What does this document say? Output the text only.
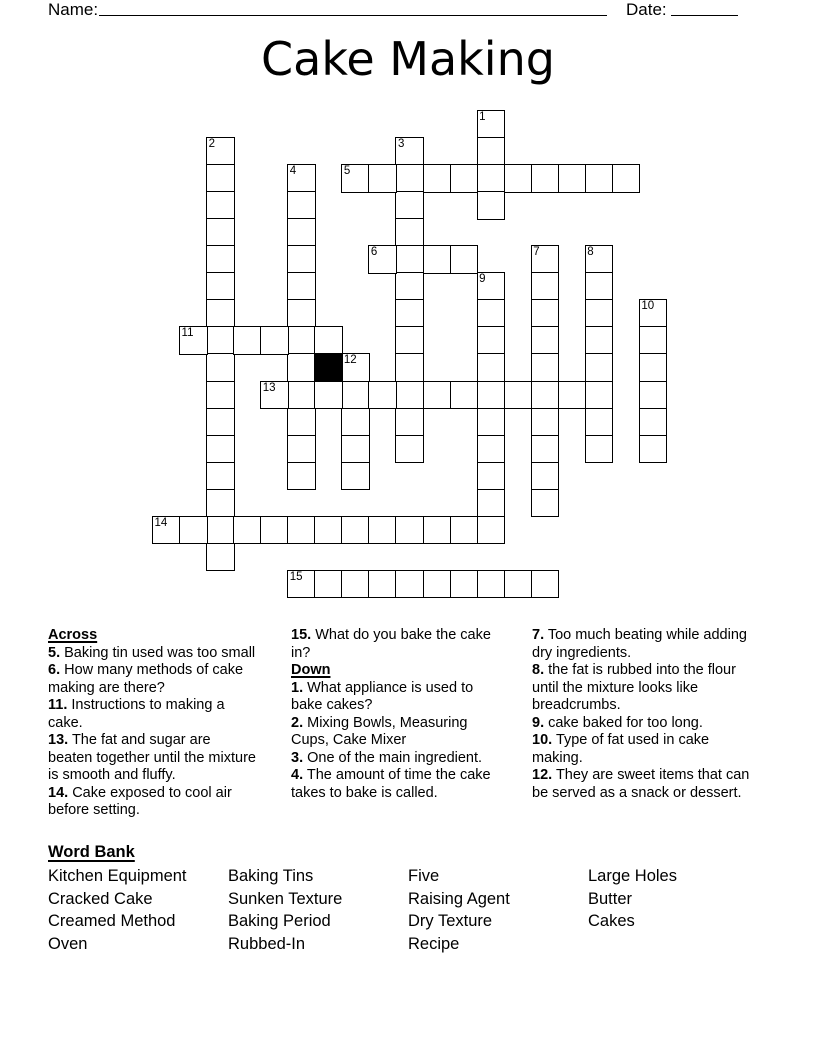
Name:	Date:
Cake Making
1
2	3
4	5
6	7	8
9
10
11
12
13
14
15
Across
5. Baking tin used was too small
6. How many methods of cake making are there?
11. Instructions to making a cake.
13. The fat and sugar are beaten together until the mixture is smooth and fluffy.
14. Cake exposed to cool air before setting.
15. What do you bake the cake in?
Down
1. What appliance is used to bake cakes?
2. Mixing Bowls, Measuring Cups, Cake Mixer
3. One of the main ingredient.
4. The amount of time the cake takes to bake is called.
7. Too much beating while adding dry ingredients.
8. the fat is rubbed into the flour until the mixture looks like breadcrumbs.
9. cake baked for too long.
10. Type of fat used in cake making.
12. They are sweet items that can be served as a snack or dessert.
Word Bank
Kitchen Equipment
Cracked Cake
Creamed Method
Oven
Baking Tins
Sunken Texture
Baking Period
Rubbed-In
Five
Raising Agent
Dry Texture
Recipe
Large Holes
Butter
Cakes
